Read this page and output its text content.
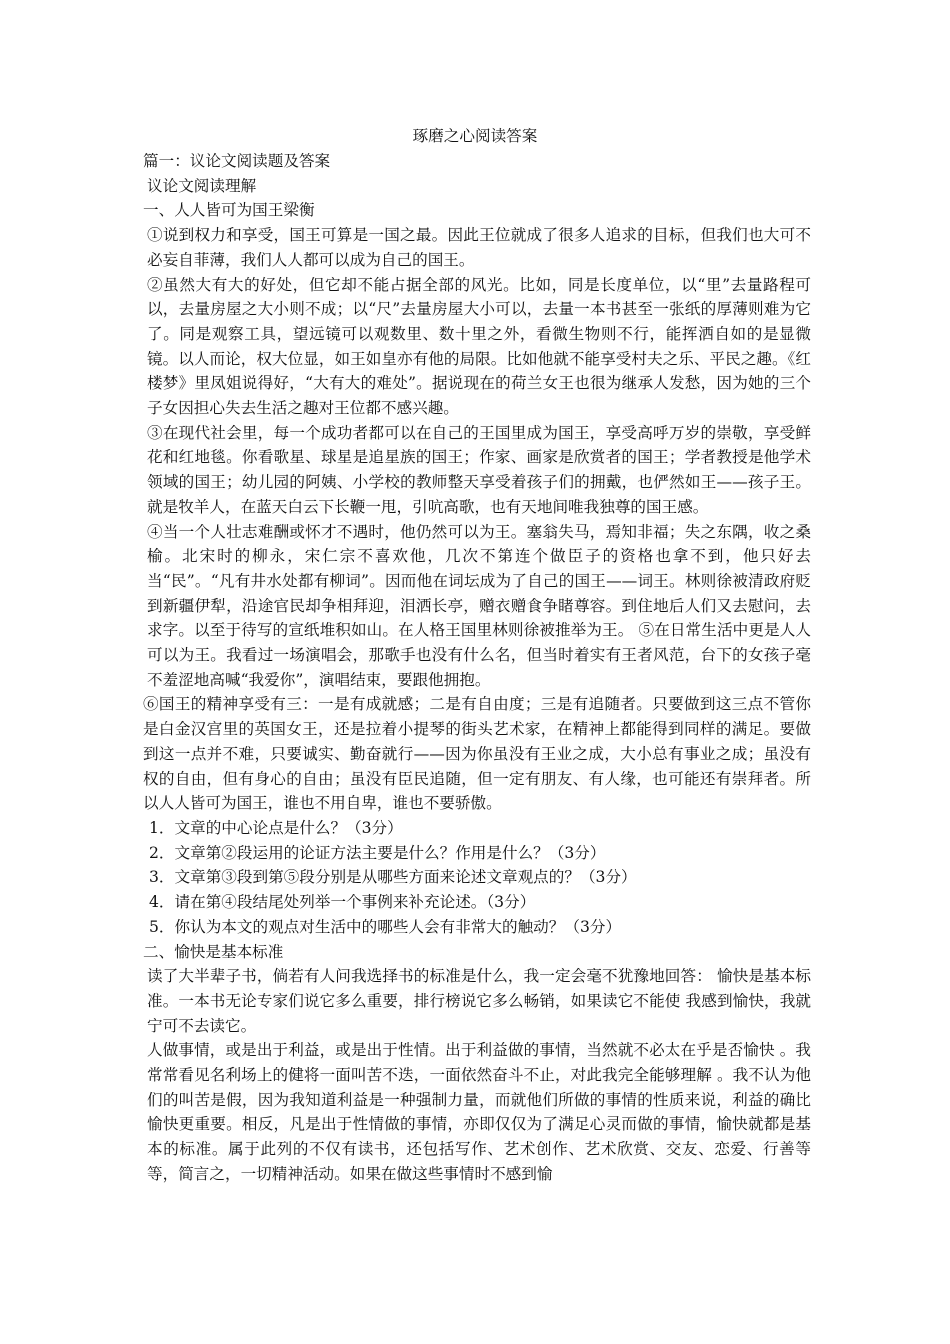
琢磨之心阅读答案

篇一：议论文阅读题及答案

议论文阅读理解

一、人人皆可为国王梁衡

①说到权力和享受，国王可算是一国之最。因此王位就成了很多人追求的目标，但我们也大可不必妄自菲薄，我们人人都可以成为自己的国王。

②虽然大有大的好处，但它却不能占据全部的风光。比如，同是长度单位，以“里”去量路程可以，去量房屋之大小则不成；以“尺”去量房屋大小可以，去量一本书甚至一张纸的厚薄则难为它了。同是观察工具，望远镜可以观数里、数十里之外，看微生物则不行，能挥洒自如的是显微镜。以人而论，权大位显，如王如皇亦有他的局限。比如他就不能享受村夫之乐、平民之趣。《红楼梦》里凤姐说得好，“大有大的难处”。据说现在的荷兰女王也很为继承人发愁，因为她的三个子女因担心失去生活之趣对王位都不感兴趣。

③在现代社会里，每一个成功者都可以在自己的王国里成为国王，享受高呼万岁的崇敬，享受鲜花和红地毯。你看歌星、球星是追星族的国王；作家、画家是欣赏者的国王；学者教授是他学术领域的国王；幼儿园的阿姨、小学校的教师整天享受着孩子们的拥戴，也俨然如王——孩子王。就是牧羊人，在蓝天白云下长鞭一甩，引吭高歌，也有天地间唯我独尊的国王感。

④当一个人壮志难酬或怀才不遇时，他仍然可以为王。塞翁失马，焉知非福；失之东隅，收之桑榆。北宋时的柳永，宋仁宗不喜欢他，几次不第连个做臣子的资格也拿不到，他只好去当“民”。“凡有井水处都有柳词”。因而他在词坛成为了自己的国王——词王。林则徐被清政府贬到新疆伊犁，沿途官民却争相拜迎，泪洒长亭，赠衣赠食争睹尊容。到住地后人们又去慰问，去求字。以至于待写的宣纸堆积如山。在人格王国里林则徐被推举为王。 ⑤在日常生活中更是人人可以为王。我看过一场演唱会，那歌手也没有什么名，但当时着实有王者风范，台下的女孩子毫不羞涩地高喊“我爱你”，演唱结束，要跟他拥抱。

⑥国王的精神享受有三：一是有成就感；二是有自由度；三是有追随者。只要做到这三点不管你是白金汉宫里的英国女王，还是拉着小提琴的街头艺术家，在精神上都能得到同样的满足。要做到这一点并不难，只要诚实、勤奋就行——因为你虽没有王业之成，大小总有事业之成；虽没有权的自由，但有身心的自由；虽没有臣民追随，但一定有朋友、有人缘，也可能还有崇拜者。所以人人皆可为国王，谁也不用自卑，谁也不要骄傲。

1．文章的中心论点是什么？（3分）

2．文章第②段运用的论证方法主要是什么？作用是什么？（3分）

3．文章第③段到第⑤段分别是从哪些方面来论述文章观点的？（3分）

4．请在第④段结尾处列举一个事例来补充论述。（3分）

5．你认为本文的观点对生活中的哪些人会有非常大的触动？（3分）

二、愉快是基本标准

读了大半辈子书，倘若有人问我选择书的标准是什么，我一定会毫不犹豫地回答： 愉快是基本标准。一本书无论专家们说它多么重要，排行榜说它多么畅销，如果读它不能使 我感到愉快，我就宁可不去读它。

人做事情，或是出于利益，或是出于性情。出于利益做的事情，当然就不必太在乎是否愉快 。我常常看见名利场上的健将一面叫苦不迭，一面依然奋斗不止，对此我完全能够理解 。我不认为他们的叫苦是假，因为我知道利益是一种强制力量，而就他们所做的事情的性质来说，利益的确比愉快更重要。相反，凡是出于性情做的事情，亦即仅仅为了满足心灵而做的事情，愉快就都是基本的标准。属于此列的不仅有读书，还包括写作、艺术创作、艺术欣赏、交友、恋爱、行善等等，简言之，一切精神活动。如果在做这些事情时不感到愉
